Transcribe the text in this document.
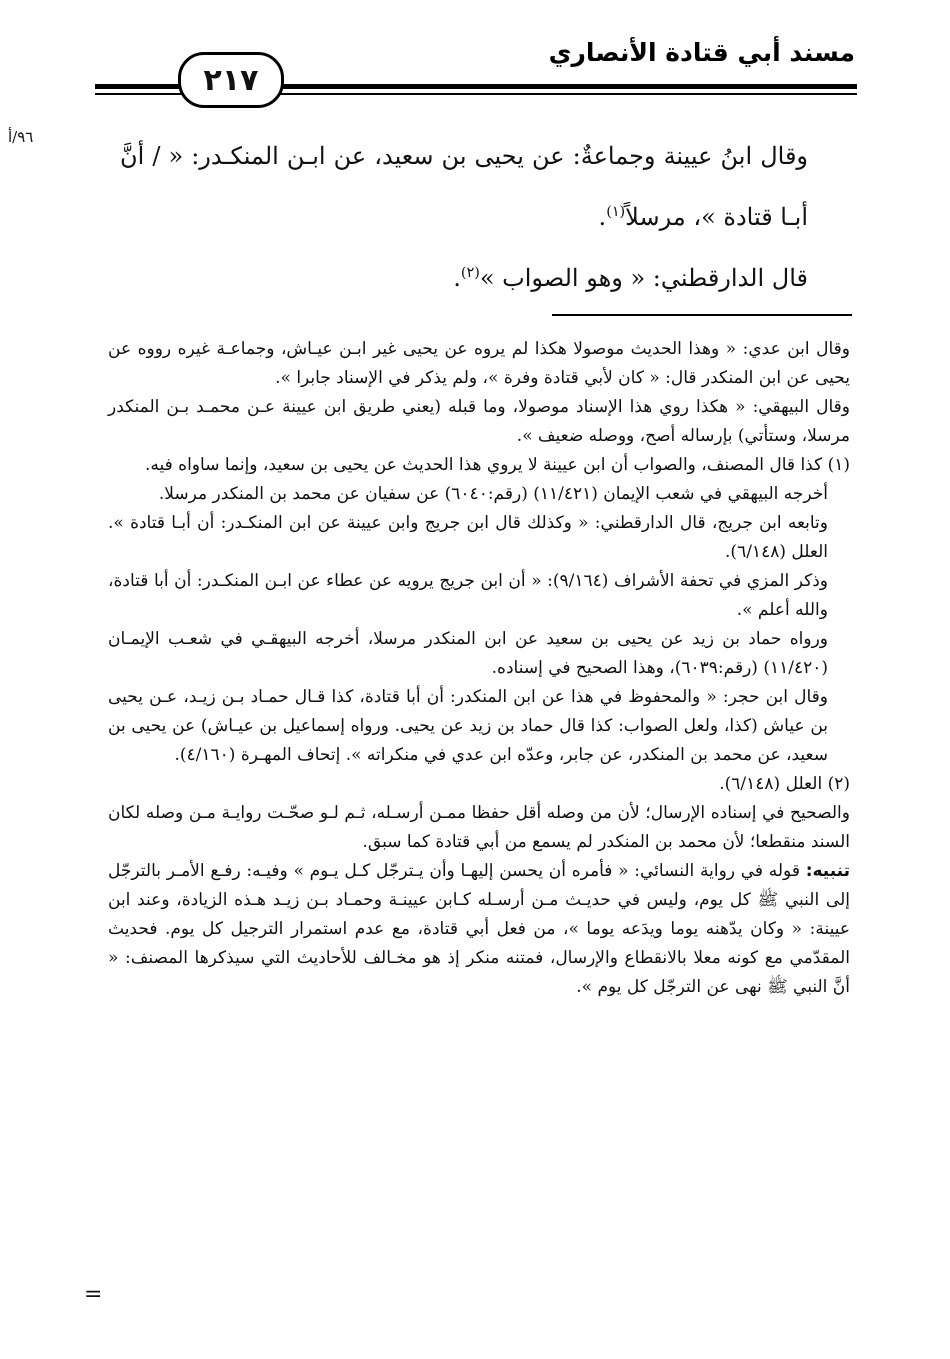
مسند أبي قتادة الأنصاري
٢١٧
٩٦/أ

وقال ابنُ عيينة وجماعةٌ: عن يحيى بن سعيد، عن ابـن المنكـدر: « / أنَّ أبـا قتادة »، مرسلاً$^{(١)}$.

قال الدارقطني: « وهو الصواب »$^{(٢)}$.

وقال ابن عدي: « وهذا الحديث موصولا هكذا لم يروه عن يحيى غير ابـن عيـاش، وجماعـة غيره رووه عن يحيى عن ابن المنكدر قال: « كان لأبي قتادة وفرة »، ولم يذكر في الإسناد جابرا ».

وقال البيهقي: « هكذا روي هذا الإسناد موصولا، وما قبله (يعني طريق ابن عيينة عـن محمـد بـن المنكدر مرسلا، وستأتي) بإرساله أصح، ووصله ضعيف ».

(١) كذا قال المصنف، والصواب أن ابن عيينة لا يروي هذا الحديث عن يحيى بن سعيد، وإنما ساواه فيه.

أخرجه البيهقي في شعب الإيمان (١١/٤٢١) (رقم:٦٠٤٠) عن سفيان عن محمد بن المنكدر مرسلا.

وتابعه ابن جريج، قال الدارقطني: « وكذلك قال ابن جريج وابن عيينة عن ابن المنكـدر: أن أبـا قتادة ». العلل (٦/١٤٨).

وذكر المزي في تحفة الأشراف (٩/١٦٤): « أن ابن جريج يرويه عن عطاء عن ابـن المنكـدر: أن أبا قتادة، والله أعلم ».

ورواه حماد بن زيد عن يحيى بن سعيد عن ابن المنكدر مرسلا، أخرجه البيهقـي في شعـب الإيمـان (١١/٤٢٠) (رقم:٦٠٣٩)، وهذا الصحيح في إسناده.

وقال ابن حجر: « والمحفوظ في هذا عن ابن المنكدر: أن أبا قتادة، كذا قـال حمـاد بـن زيـد، عـن يحيى بن عياش (كذا، ولعل الصواب: كذا قال حماد بن زيد عن يحيى. ورواه إسماعيل بن عيـاش) عن يحيى بن سعيد، عن محمد بن المنكدر، عن جابر، وعدّه ابن عدي في منكراته ». إتحاف المهـرة (٤/١٦٠).

(٢) العلل (٦/١٤٨).

والصحيح في إسناده الإرسال؛ لأن من وصله أقل حفظا ممـن أرسـله، ثـم لـو صحّـت روايـة مـن وصله لكان السند منقطعا؛ لأن محمد بن المنكدر لم يسمع من أبي قتادة كما سبق.

تنبيه: قوله في رواية النسائي: « فأمره أن يحسن إليهـا وأن يـترجّل كـل يـوم » وفيـه: رفـع الأمـر بالترجّل إلى النبي ﷺ كل يوم، وليس في حديـث مـن أرسـله كـابن عيينـة وحمـاد بـن زيـد هـذه الزيادة، وعند ابن عيينة: « وكان يدّهنه يوما ويدَعه يوما »، من فعل أبي قتادة، مع عدم استمرار الترجيل كل يوم. فحديث المقدّمي مع كونه معلا بالانقطاع والإرسال، فمتنه منكر إذ هو مخـالف للأحاديث التي سيذكرها المصنف: « أنَّ النبي ﷺ نهى عن الترجّل كل يوم ».

=
